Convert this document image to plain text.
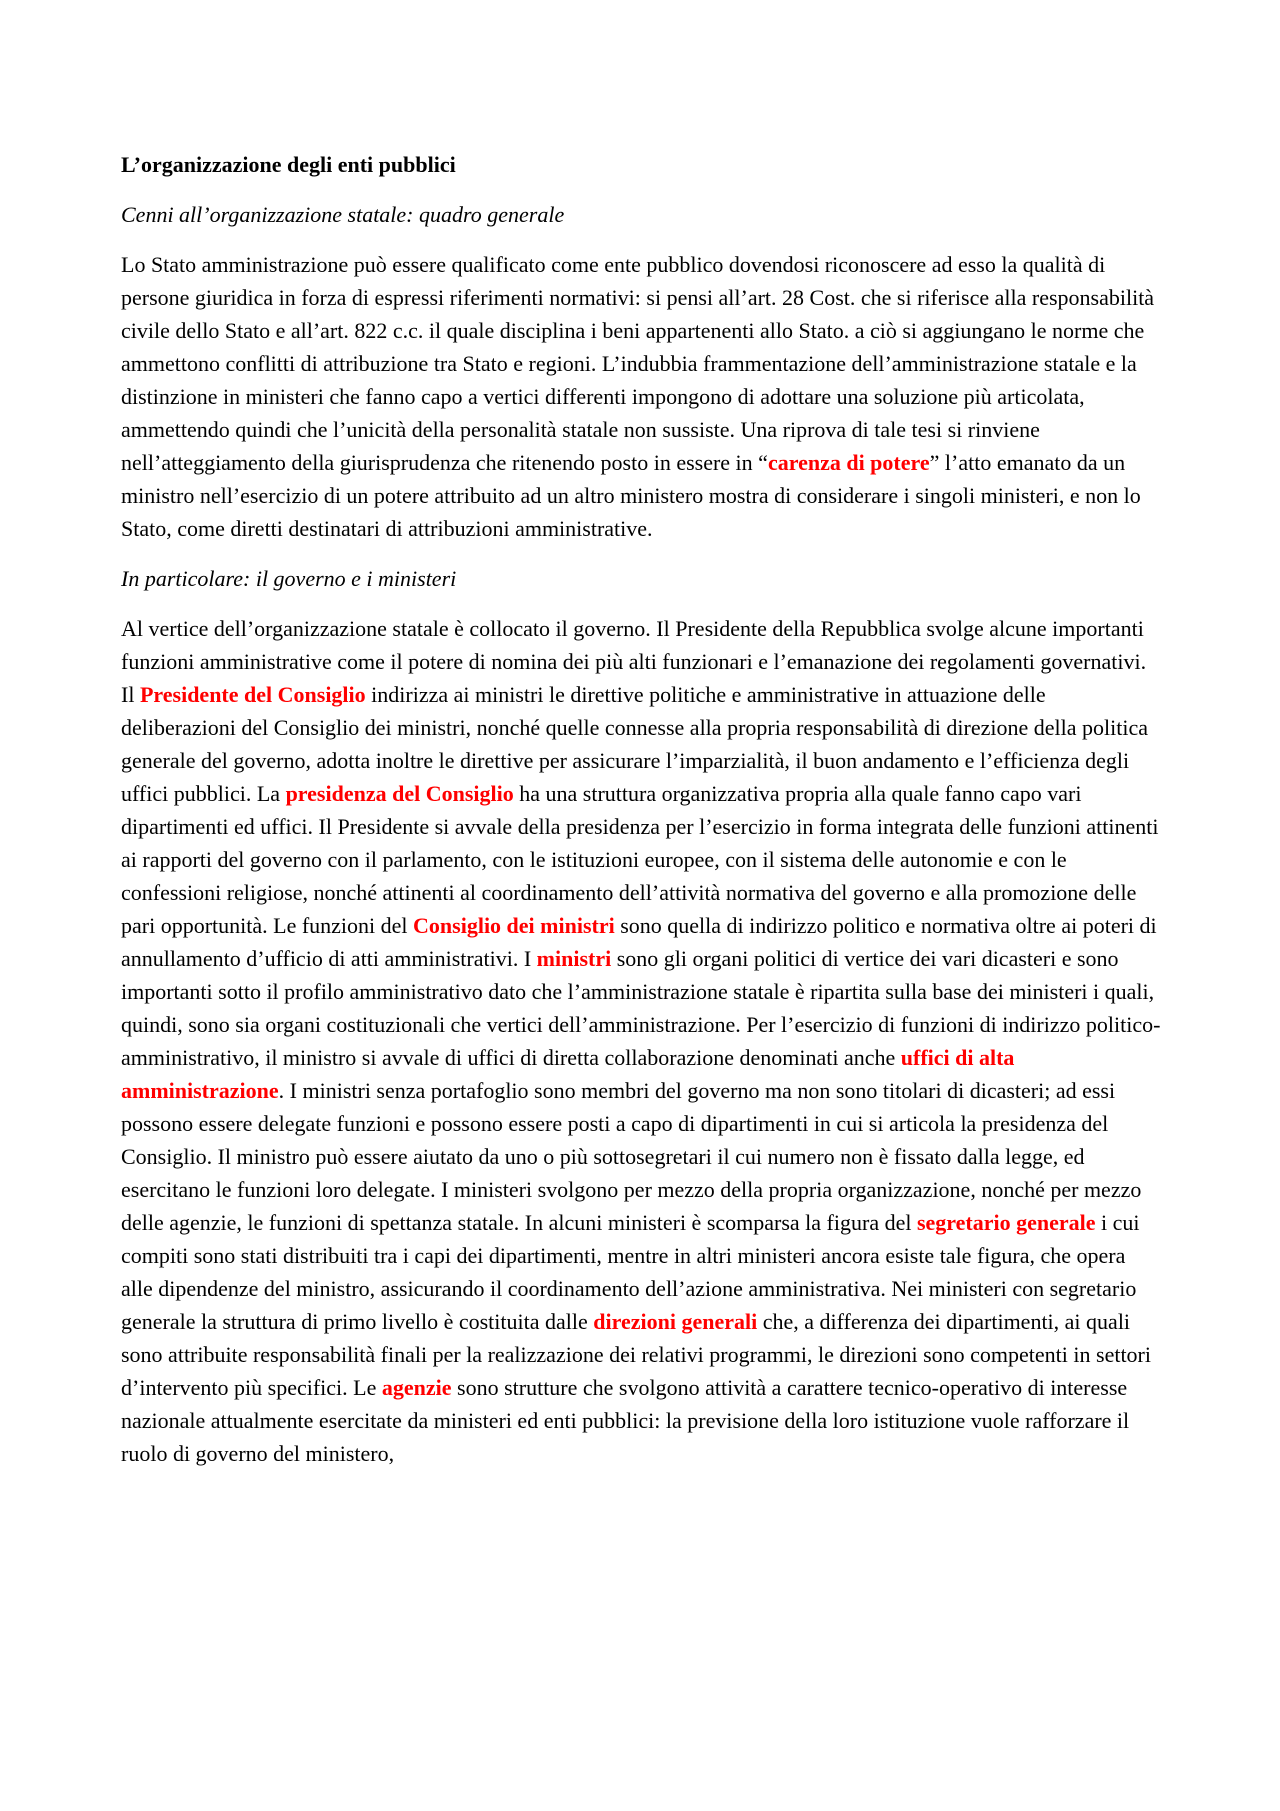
L’organizzazione degli enti pubblici
Cenni all’organizzazione statale: quadro generale

Lo Stato amministrazione può essere qualificato come ente pubblico dovendosi riconoscere ad esso la qualità di persone giuridica in forza di espressi riferimenti normativi: si pensi all’art. 28 Cost. che si riferisce alla responsabilità civile dello Stato e all’art. 822 c.c. il quale disciplina i beni appartenenti allo Stato. a ciò si aggiungano le norme che ammettono conflitti di attribuzione tra Stato e regioni. L’indubbia frammentazione dell’amministrazione statale e la distinzione in ministeri che fanno capo a vertici differenti impongono di adottare una soluzione più articolata, ammettendo quindi che l’unicità della personalità statale non sussiste. Una riprova di tale tesi si rinviene nell’atteggiamento della giurisprudenza che ritenendo posto in essere in “carenza di potere” l’atto emanato da un ministro nell’esercizio di un potere attribuito ad un altro ministero mostra di considerare i singoli ministeri, e non lo Stato, come diretti destinatari di attribuzioni amministrative.

In particolare: il governo e i ministeri

Al vertice dell’organizzazione statale è collocato il governo. Il Presidente della Repubblica svolge alcune importanti funzioni amministrative come il potere di nomina dei più alti funzionari e l’emanazione dei regolamenti governativi. Il Presidente del Consiglio indirizza ai ministri le direttive politiche e amministrative in attuazione delle deliberazioni del Consiglio dei ministri, nonché quelle connesse alla propria responsabilità di direzione della politica generale del governo, adotta inoltre le direttive per assicurare l’imparzialità, il buon andamento e l’efficienza degli uffici pubblici. La presidenza del Consiglio ha una struttura organizzativa propria alla quale fanno capo vari dipartimenti ed uffici. Il Presidente si avvale della presidenza per l’esercizio in forma integrata delle funzioni attinenti ai rapporti del governo con il parlamento, con le istituzioni europee, con il sistema delle autonomie e con le confessioni religiose, nonché attinenti al coordinamento dell’attività normativa del governo e alla promozione delle pari opportunità. Le funzioni del Consiglio dei ministri sono quella di indirizzo politico e normativa oltre ai poteri di annullamento d’ufficio di atti amministrativi. I ministri sono gli organi politici di vertice dei vari dicasteri e sono importanti sotto il profilo amministrativo dato che l’amministrazione statale è ripartita sulla base dei ministeri i quali, quindi, sono sia organi costituzionali che vertici dell’amministrazione. Per l’esercizio di funzioni di indirizzo politico-amministrativo, il ministro si avvale di uffici di diretta collaborazione denominati anche uffici di alta amministrazione. I ministri senza portafoglio sono membri del governo ma non sono titolari di dicasteri; ad essi possono essere delegate funzioni e possono essere posti a capo di dipartimenti in cui si articola la presidenza del Consiglio. Il ministro può essere aiutato da uno o più sottosegretari il cui numero non è fissato dalla legge, ed esercitano le funzioni loro delegate. I ministeri svolgono per mezzo della propria organizzazione, nonché per mezzo delle agenzie, le funzioni di spettanza statale. In alcuni ministeri è scomparsa la figura del segretario generale i cui compiti sono stati distribuiti tra i capi dei dipartimenti, mentre in altri ministeri ancora esiste tale figura, che opera alle dipendenze del ministro, assicurando il coordinamento dell’azione amministrativa. Nei ministeri con segretario generale la struttura di primo livello è costituita dalle direzioni generali che, a differenza dei dipartimenti, ai quali sono attribuite responsabilità finali per la realizzazione dei relativi programmi, le direzioni sono competenti in settori d’intervento più specifici. Le agenzie sono strutture che svolgono attività a carattere tecnico-operativo di interesse nazionale attualmente esercitate da ministeri ed enti pubblici: la previsione della loro istituzione vuole rafforzare il ruolo di governo del ministero,
